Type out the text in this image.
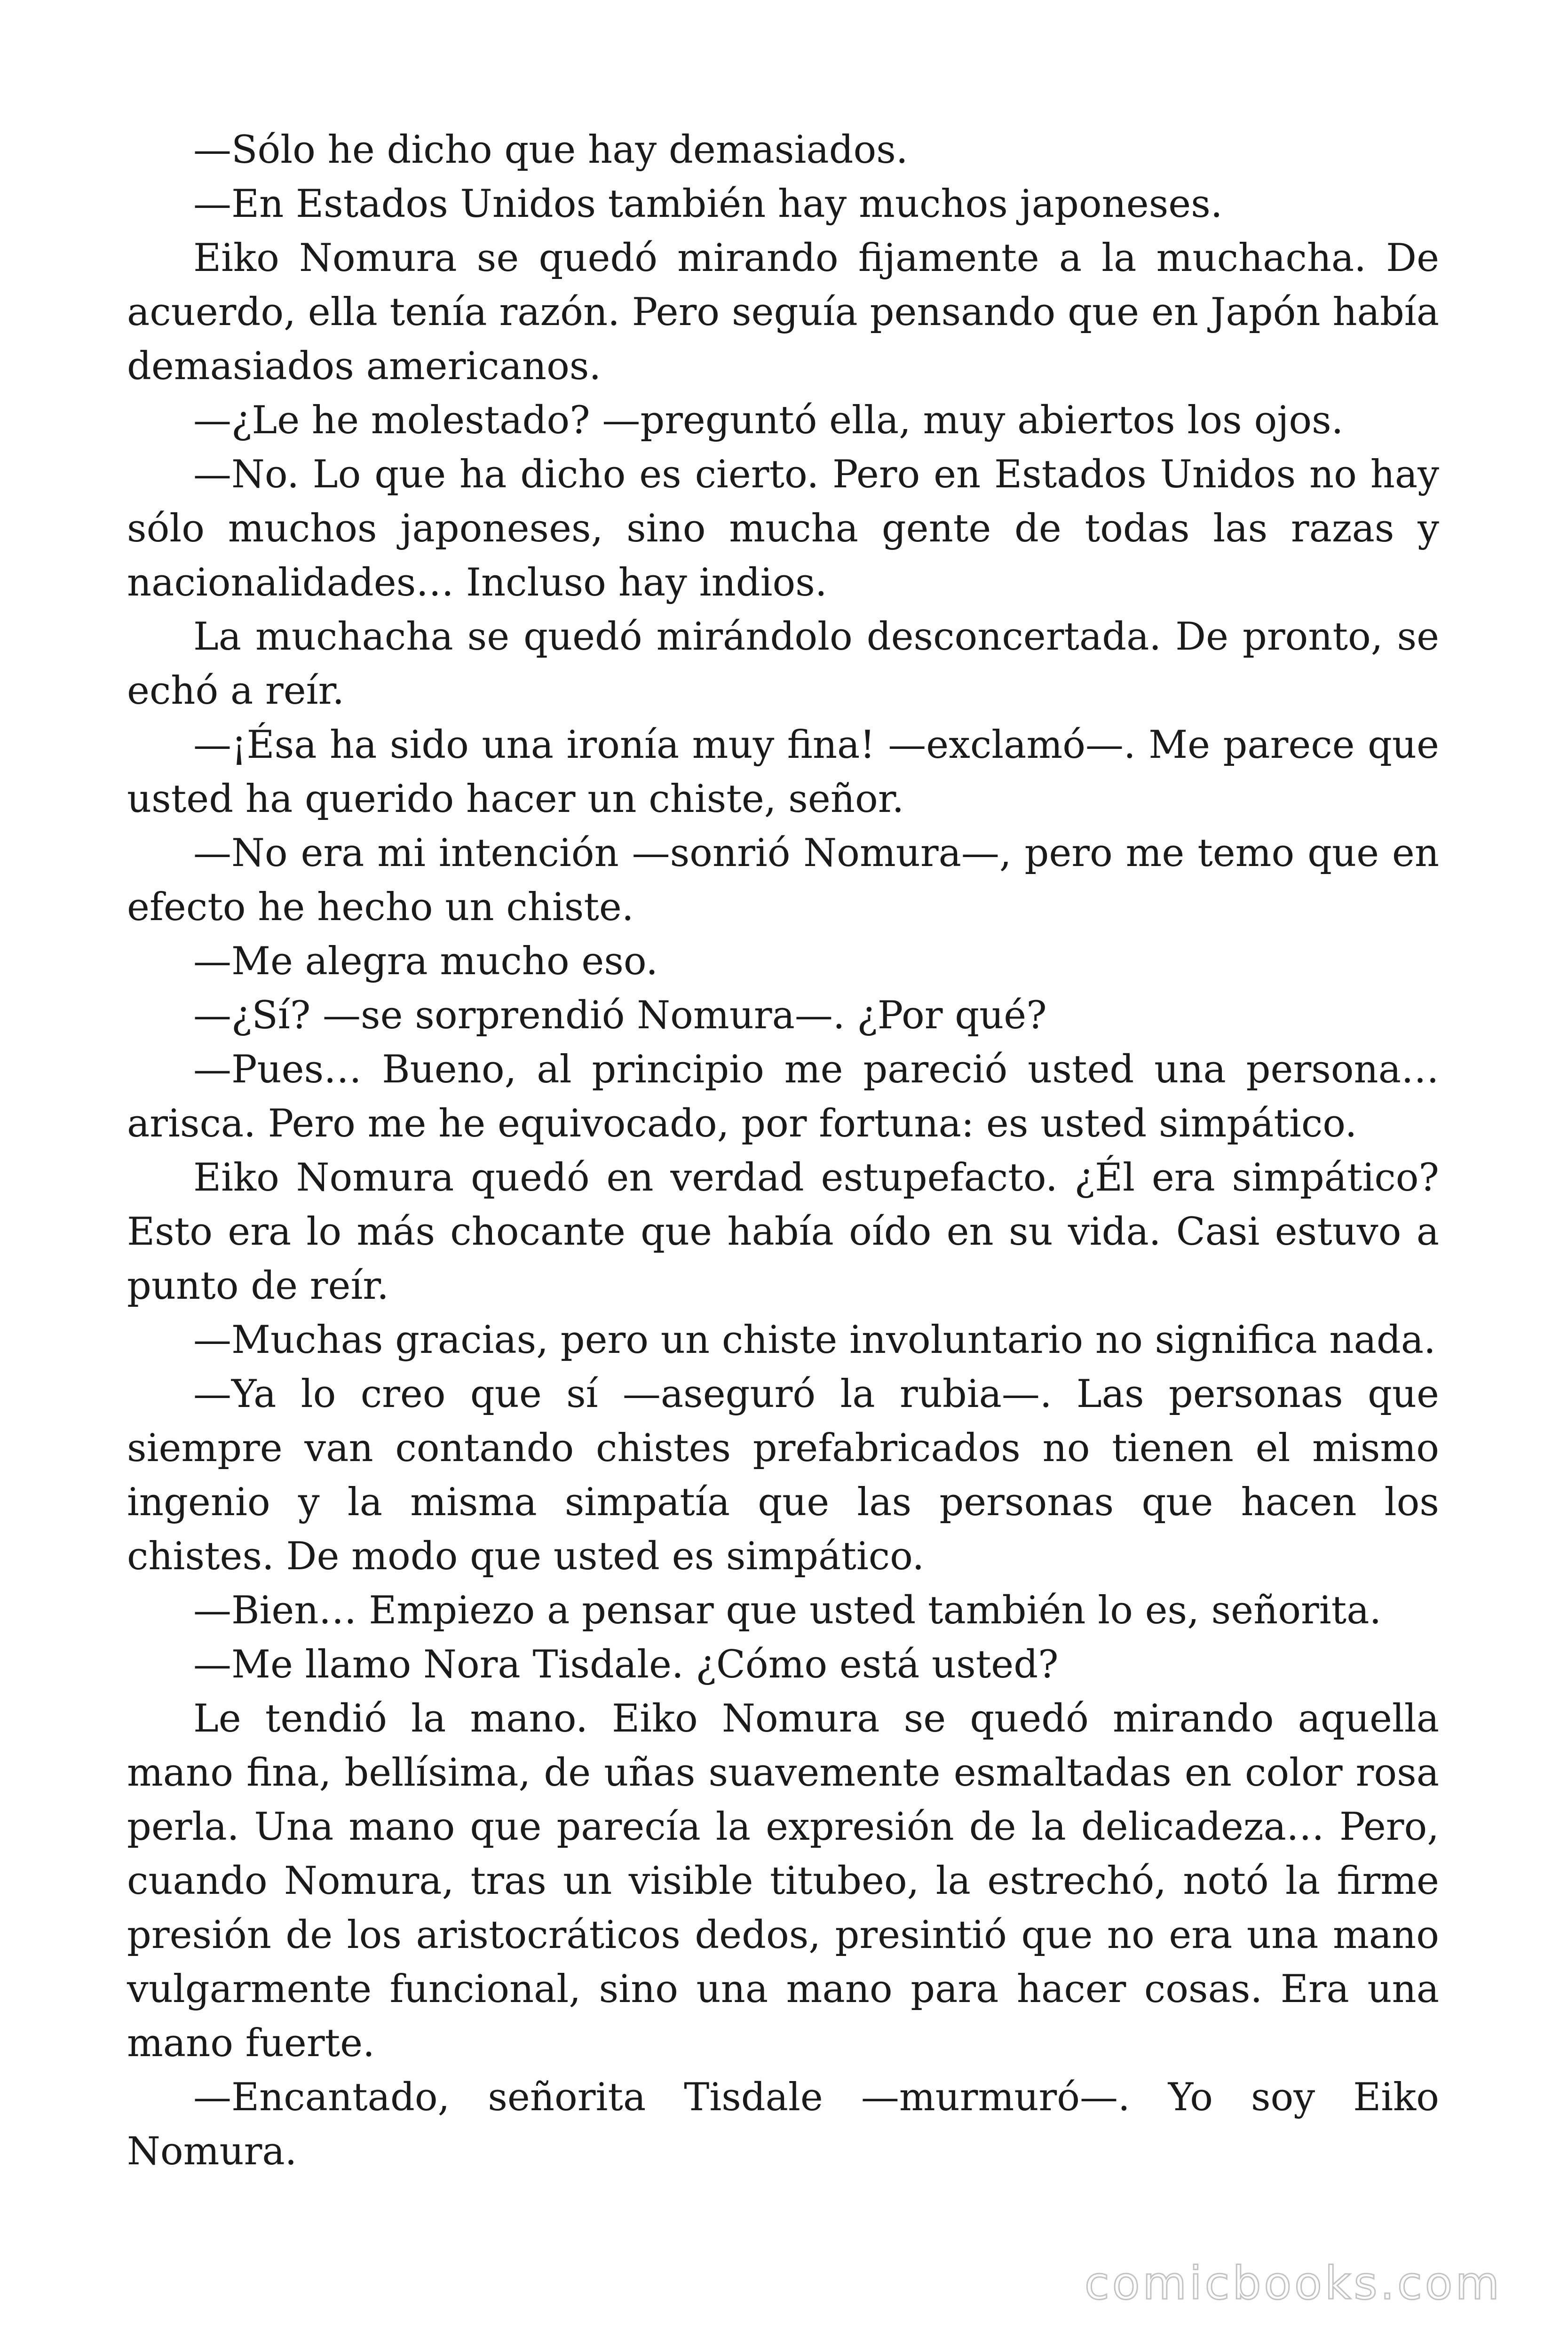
—Sólo he dicho que hay demasiados.

—En Estados Unidos también hay muchos japoneses.

Eiko Nomura se quedó mirando fijamente a la muchacha. De acuerdo, ella tenía razón. Pero seguía pensando que en Japón había demasiados americanos.

—¿Le he molestado? —preguntó ella, muy abiertos los ojos.

—No. Lo que ha dicho es cierto. Pero en Estados Unidos no hay sólo muchos japoneses, sino mucha gente de todas las razas y nacionalidades… Incluso hay indios.

La muchacha se quedó mirándolo desconcertada. De pronto, se echó a reír.

—¡Ésa ha sido una ironía muy fina! —exclamó—. Me parece que usted ha querido hacer un chiste, señor.

—No era mi intención —sonrió Nomura—, pero me temo que en efecto he hecho un chiste.

—Me alegra mucho eso.

—¿Sí? —se sorprendió Nomura—. ¿Por qué?

—Pues… Bueno, al principio me pareció usted una persona… arisca. Pero me he equivocado, por fortuna: es usted simpático.

Eiko Nomura quedó en verdad estupefacto. ¿Él era simpático? Esto era lo más chocante que había oído en su vida. Casi estuvo a punto de reír.

—Muchas gracias, pero un chiste involuntario no significa nada.

—Ya lo creo que sí —aseguró la rubia—. Las personas que siempre van contando chistes prefabricados no tienen el mismo ingenio y la misma simpatía que las personas que hacen los chistes. De modo que usted es simpático.

—Bien… Empiezo a pensar que usted también lo es, señorita.

—Me llamo Nora Tisdale. ¿Cómo está usted?

Le tendió la mano. Eiko Nomura se quedó mirando aquella mano fina, bellísima, de uñas suavemente esmaltadas en color rosa perla. Una mano que parecía la expresión de la delicadeza… Pero, cuando Nomura, tras un visible titubeo, la estrechó, notó la firme presión de los aristocráticos dedos, presintió que no era una mano vulgarmente funcional, sino una mano para hacer cosas. Era una mano fuerte.

—Encantado, señorita Tisdale —murmuró—. Yo soy Eiko Nomura.

comicbooks.com
